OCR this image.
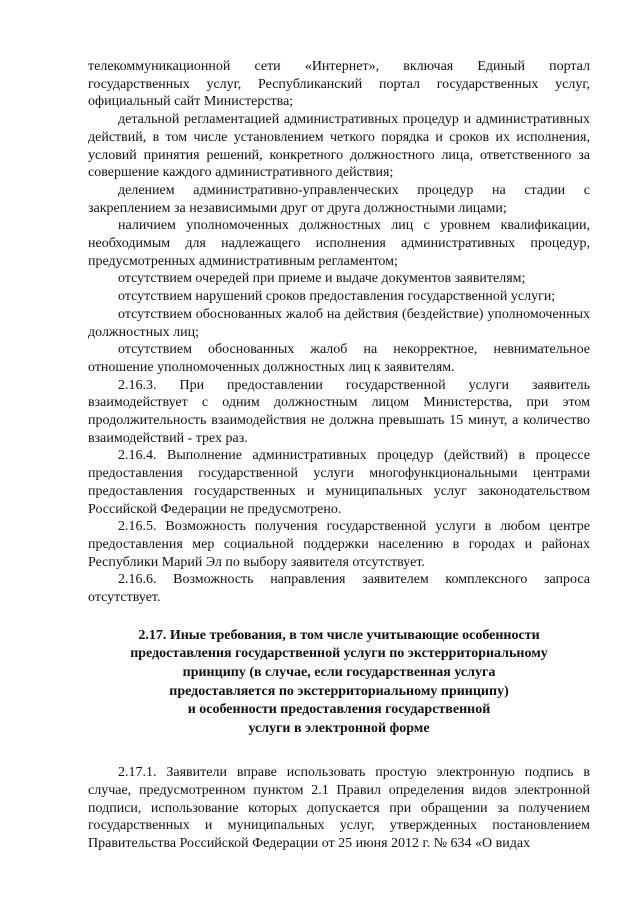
телекоммуникационной сети «Интернет», включая Единый портал государственных услуг, Республиканский портал государственных услуг, официальный сайт Министерства;

детальной регламентацией административных процедур и административных действий, в том числе установлением четкого порядка и сроков их исполнения, условий принятия решений, конкретного должностного лица, ответственного за совершение каждого административного действия;

делением административно-управленческих процедур на стадии с закреплением за независимыми друг от друга должностными лицами;

наличием уполномоченных должностных лиц с уровнем квалификации, необходимым для надлежащего исполнения административных процедур, предусмотренных административным регламентом;

отсутствием очередей при приеме и выдаче документов заявителям;

отсутствием нарушений сроков предоставления государственной услуги;

отсутствием обоснованных жалоб на действия (бездействие) уполномоченных должностных лиц;

отсутствием обоснованных жалоб на некорректное, невнимательное отношение уполномоченных должностных лиц к заявителям.

2.16.3. При предоставлении государственной услуги заявитель взаимодействует с одним должностным лицом Министерства, при этом продолжительность взаимодействия не должна превышать 15 минут, а количество взаимодействий - трех раз.

2.16.4. Выполнение административных процедур (действий) в процессе предоставления государственной услуги многофункциональными центрами предоставления государственных и муниципальных услуг законодательством Российской Федерации не предусмотрено.

2.16.5. Возможность получения государственной услуги в любом центре предоставления мер социальной поддержки населению в городах и районах Республики Марий Эл по выбору заявителя отсутствует.

2.16.6. Возможность направления заявителем комплексного запроса отсутствует.

2.17. Иные требования, в том числе учитывающие особенности
предоставления государственной услуги по экстерриториальному
принципу (в случае, если государственная услуга
предоставляется по экстерриториальному принципу)
и особенности предоставления государственной
услуги в электронной форме

2.17.1. Заявители вправе использовать простую электронную подпись в случае, предусмотренном пунктом 2.1 Правил определения видов электронной подписи, использование которых допускается при обращении за получением государственных и муниципальных услуг, утвержденных постановлением Правительства Российской Федерации от 25 июня 2012 г. № 634 «О видах
